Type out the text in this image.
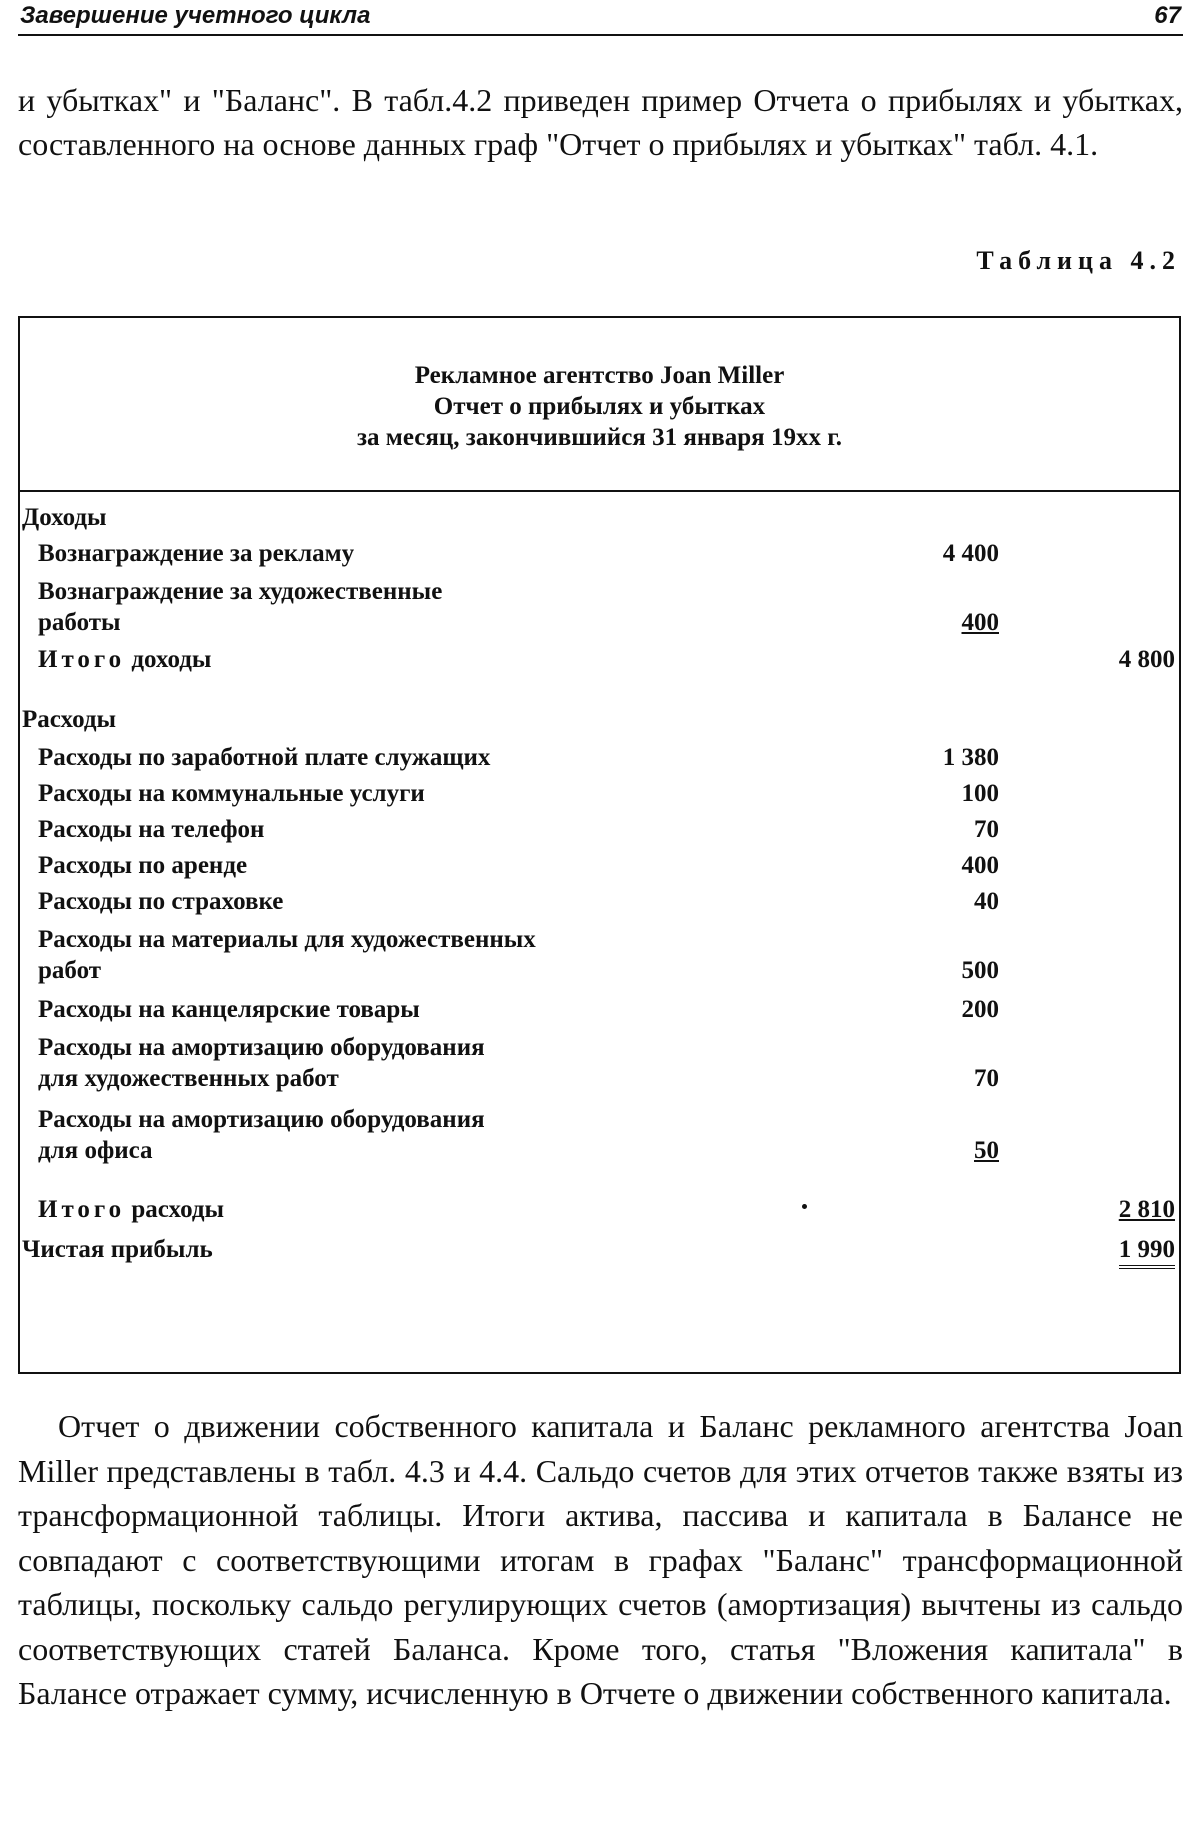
Завершение учетного цикла	67

и убытках" и "Баланс". В табл.4.2 приведен пример Отчета о прибылях и убытках, составленного на основе данных граф "Отчет о прибылях и убытках" табл. 4.1.

Таблица 4.2
Рекламное агентство Joan Miller
Отчет о прибылях и убытках
за месяц, закончившийся 31 января 19xx г.
Доходы
Вознаграждение за рекламу	4 400
Вознаграждение за художественные
работы	400
Итого доходы	4 800
Расходы
Расходы по заработной плате служащих	1 380
Расходы на коммунальные услуги	100
Расходы на телефон	70
Расходы по аренде	400
Расходы по страховке	40
Расходы на материалы для художественных
работ	500
Расходы на канцелярские товары	200
Расходы на амортизацию оборудования
для художественных работ	70
Расходы на амортизацию оборудования
для офиса	50
Итого расходы	2 810
Чистая прибыль	1 990

Отчет о движении собственного капитала и Баланс рекламного агентства Joan Miller представлены в табл. 4.3 и 4.4. Сальдо счетов для этих отчетов также взяты из трансформационной таблицы. Итоги актива, пассива и капитала в Балансе не совпадают с соответствующими итогам в графах "Баланс" трансформационной таблицы, поскольку сальдо регулирующих счетов (амортизация) вычтены из сальдо соответствующих статей Баланса. Кроме того, статья "Вложения капитала" в Балансе отражает сумму, исчисленную в Отчете о движении собственного капитала.
